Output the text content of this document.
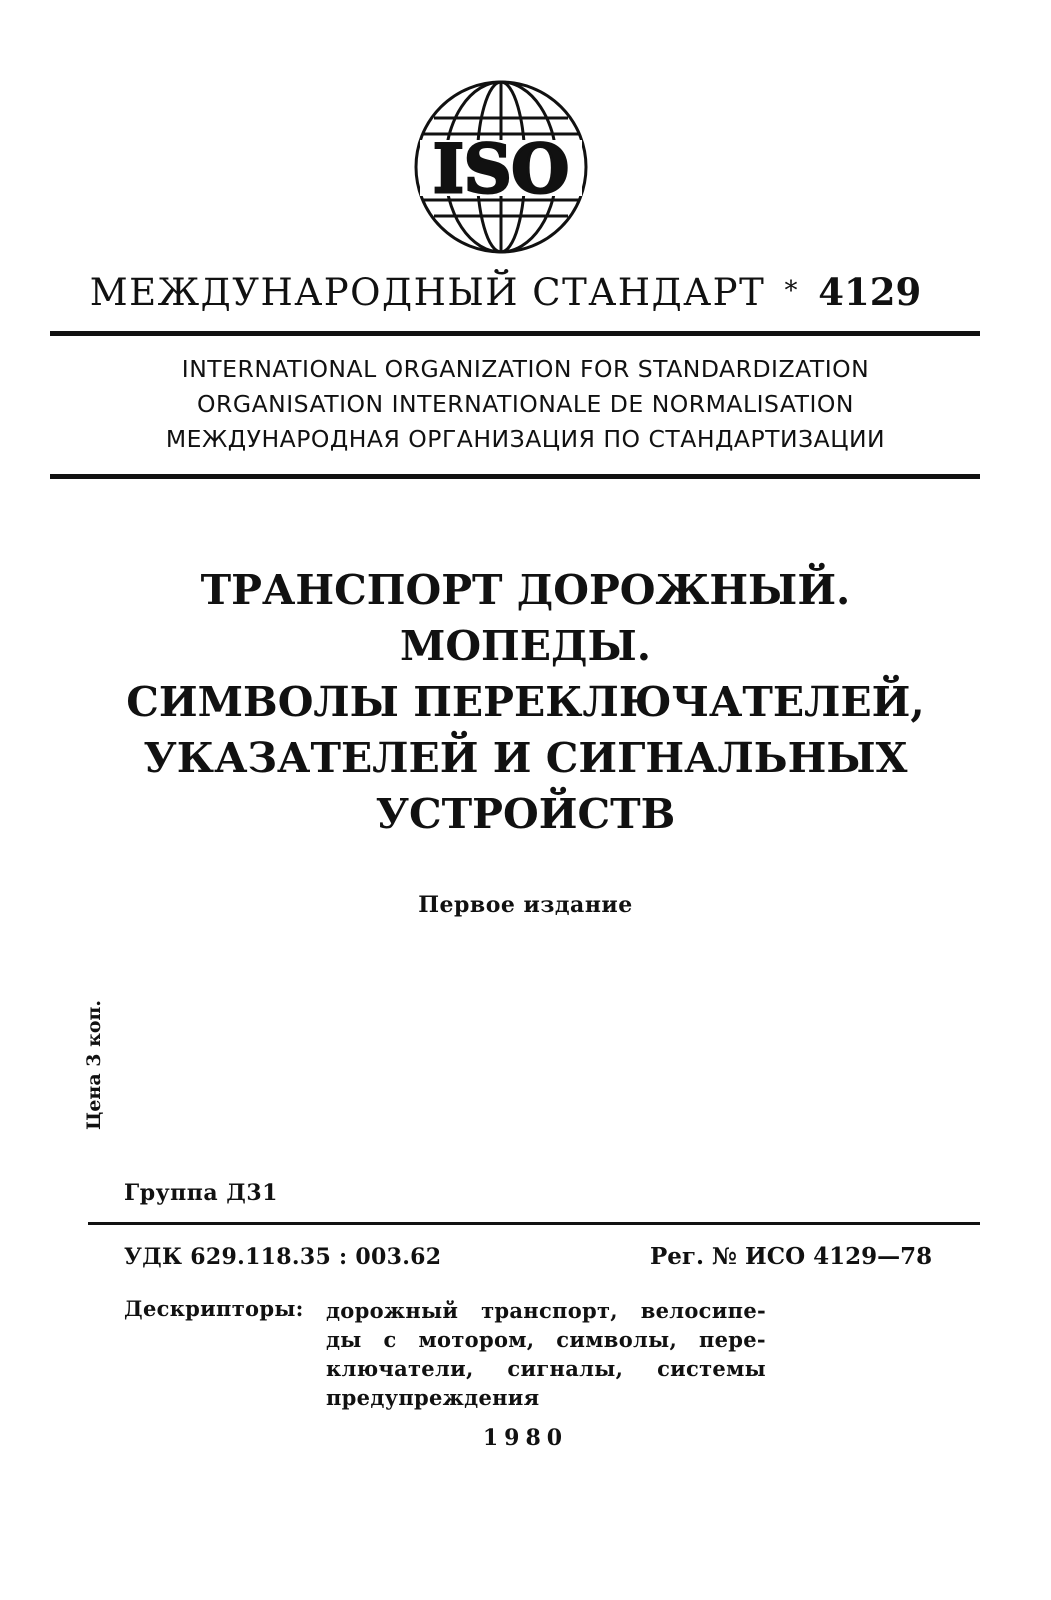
ISO
МЕЖДУНАРОДНЫЙ СТАНДАРТ * 4129
INTERNATIONAL ORGANIZATION FOR STANDARDIZATION
ORGANISATION INTERNATIONALE DE NORMALISATION
МЕЖДУНАРОДНАЯ ОРГАНИЗАЦИЯ ПО СТАНДАРТИЗАЦИИ
ТРАНСПОРТ ДОРОЖНЫЙ.
МОПЕДЫ.
СИМВОЛЫ ПЕРЕКЛЮЧАТЕЛЕЙ,
УКАЗАТЕЛЕЙ И СИГНАЛЬНЫХ
УСТРОЙСТВ
Первое издание
Цена 3 коп.
Группа Д31
УДК 629.118.35 : 003.62	Рег. № ИСО 4129—78
Дескрипторы: дорожный транспорт, велосипе-
ды с мотором, символы, пере-
ключатели, сигналы, системы
предупреждения
1980
